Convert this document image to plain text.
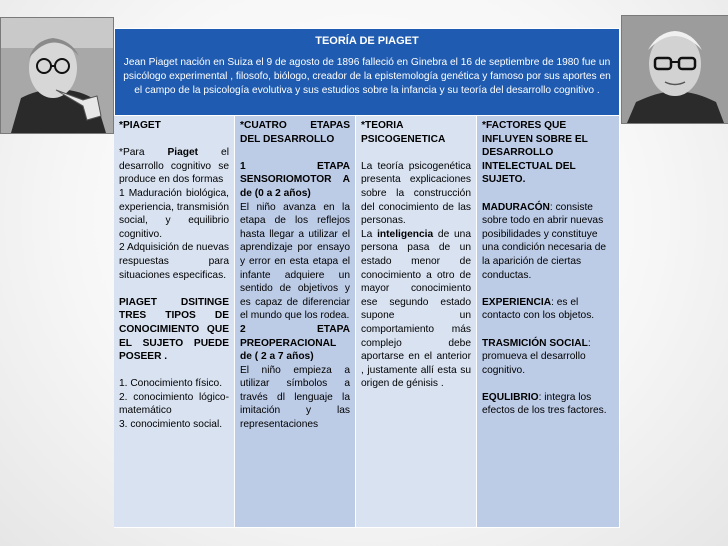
TEORÍA DE PIAGET
Jean Piaget nación en Suiza el 9 de agosto de 1896 falleció en Ginebra el 16 de septiembre de 1980 fue un psicólogo experimental , filosofo, biólogo, creador de la epistemología genética y famoso por sus aportes en el campo de la psicología evolutiva y sus estudios sobre la infancia y su teoría del desarrollo cognitivo .

*PIAGET

*Para Piaget el desarrollo cognitivo se produce en dos formas

1 Maduración biológica, experiencia, transmisión social, y equilibrio cognitivo.

2 Adquisición de nuevas respuestas para situaciones especificas.

PIAGET DSITINGE TRES TIPOS DE CONOCIMIENTO QUE EL SUJETO PUEDE POSEER .

1. Conocimiento físico.

2. conocimiento lógico-matemático

3. conocimiento social.

*CUATRO ETAPAS DEL DESARROLLO

1 ETAPA SENSORIOMOTOR A de (0 a 2 años)

El niño avanza en la etapa de los reflejos hasta llegar a utilizar el aprendizaje por ensayo y error en esta etapa el infante adquiere un sentido de objetivos y es capaz de diferenciar el mundo que los rodea.

2 ETAPA PREOPERACIONAL de ( 2 a 7 años)

El niño empieza a utilizar símbolos a través dl lenguaje la imitación y las representaciones

*TEORIA PSICOGENETICA

La teoría psicogenética presenta explicaciones sobre la construcción del conocimiento de las personas.

La inteligencia de una persona pasa de un estado menor de conocimiento a otro de mayor conocimiento ese segundo estado supone un comportamiento más complejo debe aportarse en el anterior , justamente allí esta su origen de génisis .

*FACTORES QUE INFLUYEN SOBRE EL DESARROLLO INTELECTUAL DEL SUJETO.

MADURACÓN: consiste sobre todo en abrir nuevas posibilidades y constituye una condición necesaria de la aparición de ciertas conductas.

EXPERIENCIA: es el contacto con los objetos.

TRASMICIÓN SOCIAL: promueva el desarrollo cognitivo.

EQULIBRIO: integra los efectos de los tres factores.
